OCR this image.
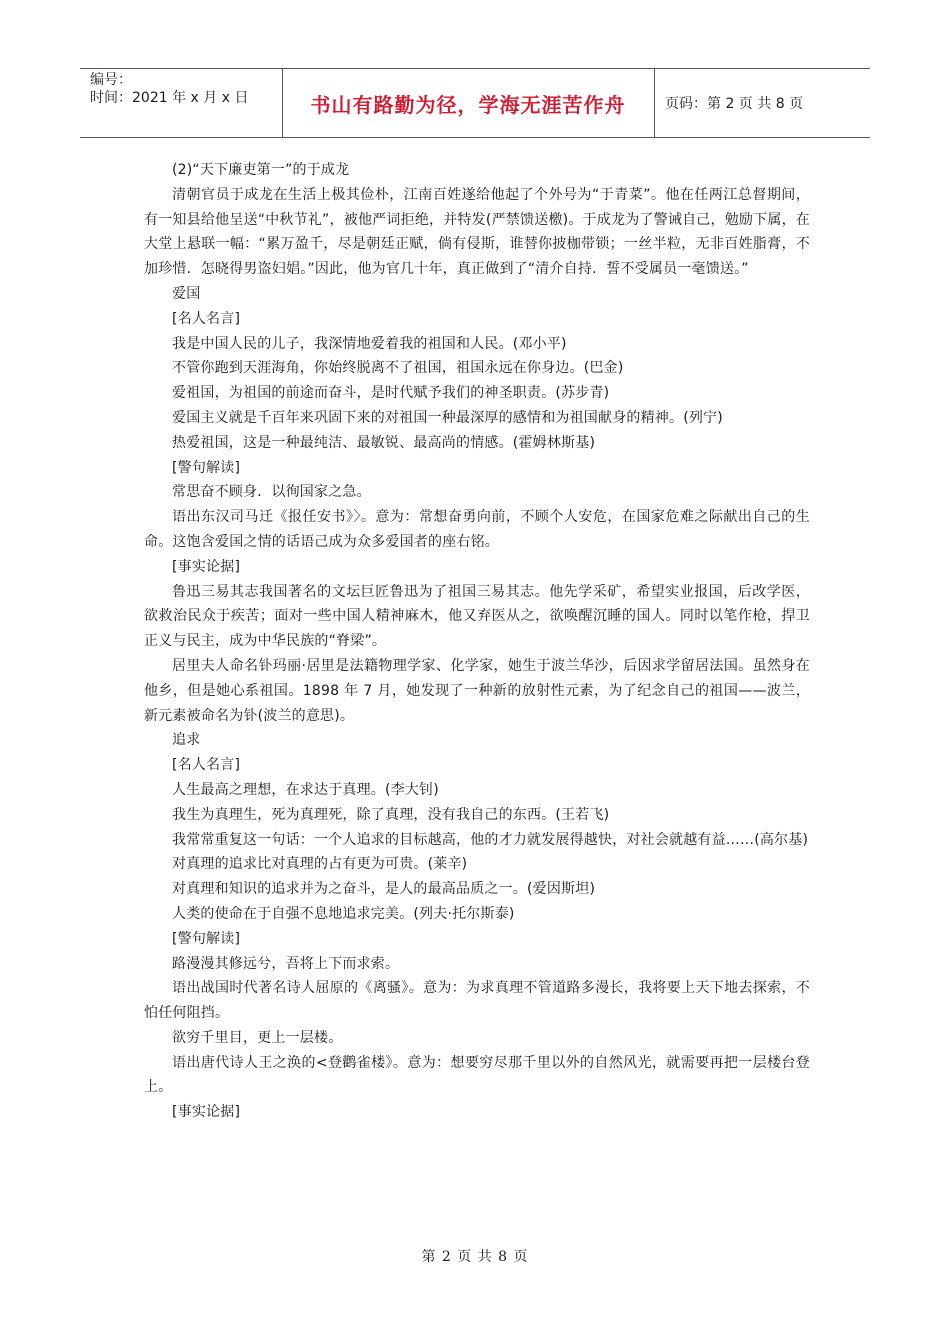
编号：
时间：2021 年 x 月 x 日	书山有路勤为径，学海无涯苦作舟	页码：第 2 页 共 8 页

(2)“天下廉吏第一”的于成龙

清朝官员于成龙在生活上极其俭朴，江南百姓遂给他起了个外号为“于青菜”。他在任两江总督期间，有一知县给他呈送“中秋节礼”，被他严词拒绝，并特发(严禁馈送檄)。于成龙为了警诫自己，勉励下属，在大堂上悬联一幅：“累万盈千，尽是朝廷正赋，倘有侵斯，谁替你披枷带锁；一丝半粒，无非百姓脂膏，不加珍惜．怎晓得男盗妇娼。”因此，他为官几十年，真正做到了“清介自持．誓不受属员一毫馈送。”

爱国

[名人名言]

我是中国人民的儿子，我深情地爱着我的祖国和人民。(邓小平)

不管你跑到天涯海角，你始终脱离不了祖国，祖国永远在你身边。(巴金)

爱祖国，为祖国的前途而奋斗，是时代赋予我们的神圣职责。(苏步青)

爱国主义就是千百年来巩固下来的对祖国一种最深厚的感情和为祖国献身的精神。(列宁)

热爱祖国，这是一种最纯洁、最敏锐、最高尚的情感。(霍姆林斯基)

[警句解读]

常思奋不顾身．以徇国家之急。

语出东汉司马迁《报任安书》〉。意为：常想奋勇向前，不顾个人安危，在国家危难之际献出自己的生命。这饱含爱国之情的话语己成为众多爱国者的座右铭。

[事实论据]

鲁迅三易其志我国著名的文坛巨匠鲁迅为了祖国三易其志。他先学采矿，希望实业报国，后改学医，欲救治民众于疾苦；面对一些中国人精神麻木，他又弃医从之，欲唤醒沉睡的国人。同时以笔作枪，捍卫正义与民主，成为中华民族的“脊梁”。

居里夫人命名钋玛丽·居里是法籍物理学家、化学家，她生于波兰华沙，后因求学留居法国。虽然身在他乡，但是她心系祖国。1898 年 7 月，她发现了一种新的放射性元素，为了纪念自己的祖国——波兰，新元素被命名为钋(波兰的意思)。

追求

[名人名言]

人生最高之理想，在求达于真理。(李大钊)

我生为真理生，死为真理死，除了真理，没有我自己的东西。(王若飞)

我常常重复这一句话：一个人追求的目标越高，他的才力就发展得越快，对社会就越有益……(高尔基)

对真理的追求比对真理的占有更为可贵。(莱辛)

对真理和知识的追求并为之奋斗，是人的最高品质之一。(爱因斯坦)

人类的使命在于自强不息地追求完美。(列夫·托尔斯泰)

[警句解读]

路漫漫其修远兮，吾将上下而求索。

语出战国时代著名诗人屈原的《离骚》。意为：为求真理不管道路多漫长，我将要上天下地去探索，不怕任何阻挡。

欲穷千里目，更上一层楼。

语出唐代诗人王之涣的<登鹳雀楼》。意为：想要穷尽那千里以外的自然风光，就需要再把一层楼台登上。

[事实论据]

第 2 页 共 8 页
